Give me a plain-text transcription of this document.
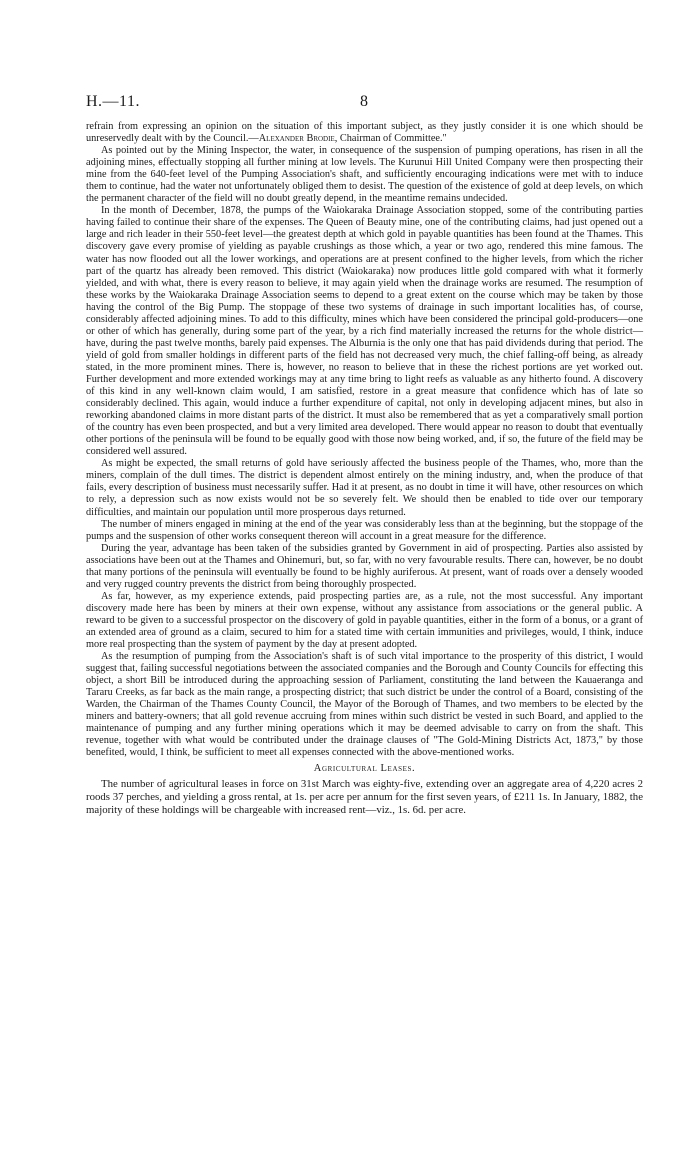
H.—11.	8

refrain from expressing an opinion on the situation of this important subject, as they justly consider it is one which should be unreservedly dealt with by the Council.—Alexander Brodie, Chairman of Committee."

As pointed out by the Mining Inspector, the water, in consequence of the suspension of pumping operations, has risen in all the adjoining mines, effectually stopping all further mining at low levels. The Kurunui Hill United Company were then prospecting their mine from the 640-feet level of the Pumping Association's shaft, and sufficiently encouraging indications were met with to induce them to continue, had the water not unfortunately obliged them to desist. The question of the existence of gold at deep levels, on which the permanent character of the field will no doubt greatly depend, in the meantime remains undecided.

In the month of December, 1878, the pumps of the Waiokaraka Drainage Association stopped, some of the contributing parties having failed to continue their share of the expenses. The Queen of Beauty mine, one of the contributing claims, had just opened out a large and rich leader in their 550-feet level—the greatest depth at which gold in payable quantities has been found at the Thames. This discovery gave every promise of yielding as payable crushings as those which, a year or two ago, rendered this mine famous. The water has now flooded out all the lower workings, and operations are at present confined to the higher levels, from which the richer part of the quartz has already been removed. This district (Waiokaraka) now produces little gold compared with what it formerly yielded, and with what, there is every reason to believe, it may again yield when the drainage works are resumed. The resumption of these works by the Waiokaraka Drainage Association seems to depend to a great extent on the course which may be taken by those having the control of the Big Pump. The stoppage of these two systems of drainage in such important localities has, of course, considerably affected adjoining mines. To add to this difficulty, mines which have been considered the principal gold-producers—one or other of which has generally, during some part of the year, by a rich find materially increased the returns for the whole district—have, during the past twelve months, barely paid expenses. The Alburnia is the only one that has paid dividends during that period. The yield of gold from smaller holdings in different parts of the field has not decreased very much, the chief falling-off being, as already stated, in the more prominent mines. There is, however, no reason to believe that in these the richest portions are yet worked out. Further development and more extended workings may at any time bring to light reefs as valuable as any hitherto found. A discovery of this kind in any well-known claim would, I am satisfied, restore in a great measure that confidence which has of late so considerably declined. This again, would induce a further expenditure of capital, not only in developing adjacent mines, but also in reworking abandoned claims in more distant parts of the district. It must also be remembered that as yet a comparatively small portion of the country has even been prospected, and but a very limited area developed. There would appear no reason to doubt that eventually other portions of the peninsula will be found to be equally good with those now being worked, and, if so, the future of the field may be considered well assured.

As might be expected, the small returns of gold have seriously affected the business people of the Thames, who, more than the miners, complain of the dull times. The district is dependent almost entirely on the mining industry, and, when the produce of that fails, every description of business must necessarily suffer. Had it at present, as no doubt in time it will have, other resources on which to rely, a depression such as now exists would not be so severely felt. We should then be enabled to tide over our temporary difficulties, and maintain our population until more prosperous days returned.

The number of miners engaged in mining at the end of the year was considerably less than at the beginning, but the stoppage of the pumps and the suspension of other works consequent thereon will account in a great measure for the difference.

During the year, advantage has been taken of the subsidies granted by Government in aid of prospecting. Parties also assisted by associations have been out at the Thames and Ohinemuri, but, so far, with no very favourable results. There can, however, be no doubt that many portions of the peninsula will eventually be found to be highly auriferous. At present, want of roads over a densely wooded and very rugged country prevents the district from being thoroughly prospected.

As far, however, as my experience extends, paid prospecting parties are, as a rule, not the most successful. Any important discovery made here has been by miners at their own expense, without any assistance from associations or the general public. A reward to be given to a successful prospector on the discovery of gold in payable quantities, either in the form of a bonus, or a grant of an extended area of ground as a claim, secured to him for a stated time with certain immunities and privileges, would, I think, induce more real prospecting than the system of payment by the day at present adopted.

As the resumption of pumping from the Association's shaft is of such vital importance to the prosperity of this district, I would suggest that, failing successful negotiations between the associated companies and the Borough and County Councils for effecting this object, a short Bill be introduced during the approaching session of Parliament, constituting the land between the Kauaeranga and Tararu Creeks, as far back as the main range, a prospecting district; that such district be under the control of a Board, consisting of the Warden, the Chairman of the Thames County Council, the Mayor of the Borough of Thames, and two members to be elected by the miners and battery-owners; that all gold revenue accruing from mines within such district be vested in such Board, and applied to the maintenance of pumping and any further mining operations which it may be deemed advisable to carry on from the shaft. This revenue, together with what would be contributed under the drainage clauses of "The Gold-Mining Districts Act, 1873," by those benefited, would, I think, be sufficient to meet all expenses connected with the above-mentioned works.

Agricultural Leases.

The number of agricultural leases in force on 31st March was eighty-five, extending over an aggregate area of 4,220 acres 2 roods 37 perches, and yielding a gross rental, at 1s. per acre per annum for the first seven years, of £211 1s. In January, 1882, the majority of these holdings will be chargeable with increased rent—viz., 1s. 6d. per acre.
